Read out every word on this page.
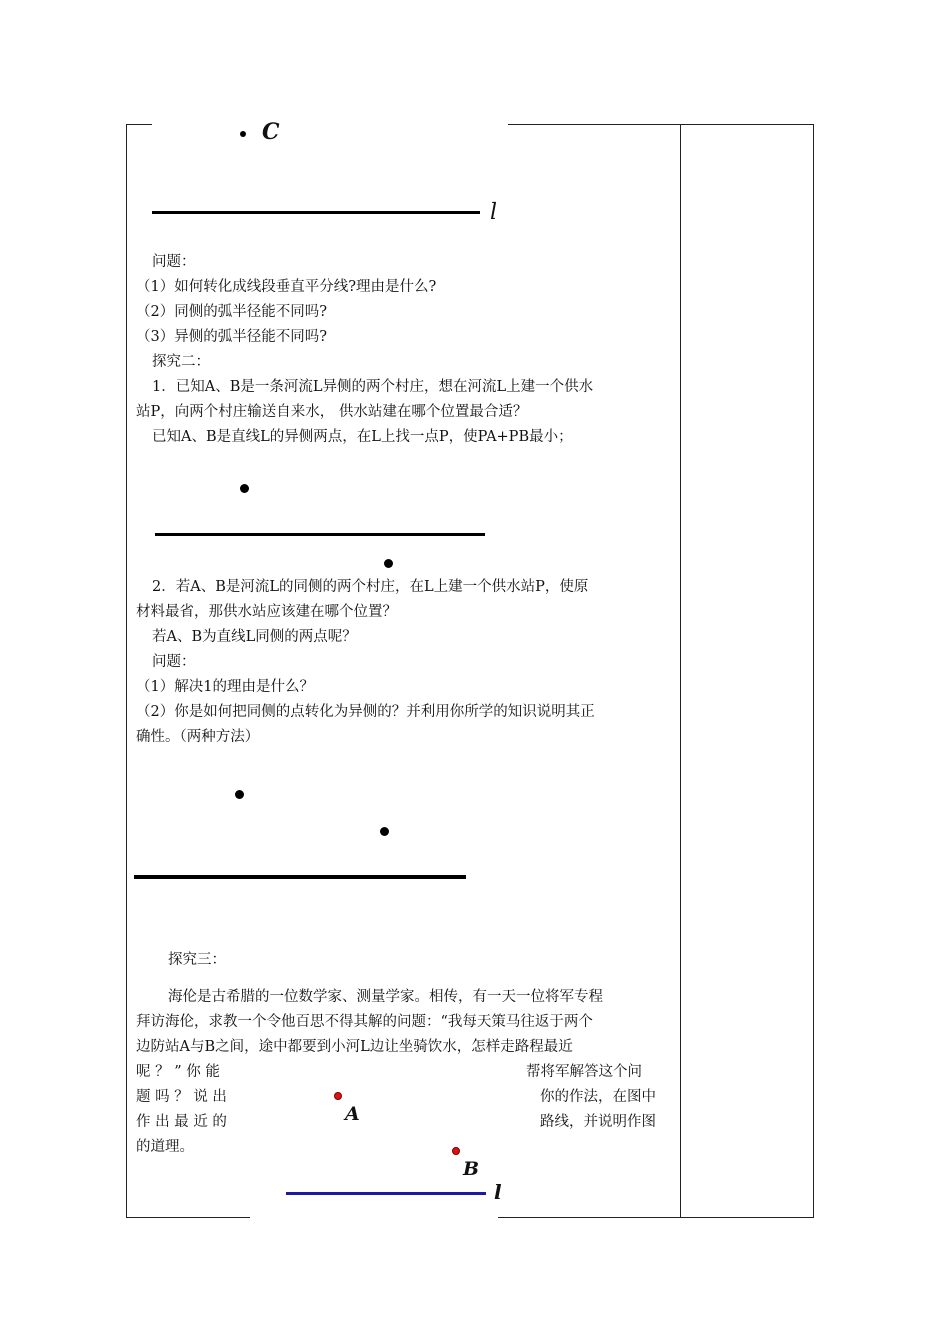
C
l
问题：
（1）如何转化成线段垂直平分线?理由是什么?
（2）同侧的弧半径能不同吗?
（3）异侧的弧半径能不同吗?
探究二：
1．已知A、B是一条河流L异侧的两个村庄，想在河流L上建一个供水
站P，向两个村庄输送自来水， 供水站建在哪个位置最合适？
已知A、B是直线L的异侧两点，在L上找一点P，使PA+PB最小；
2．若A、B是河流L的同侧的两个村庄，在L上建一个供水站P，使原
材料最省，那供水站应该建在哪个位置？
若A、B为直线L同侧的两点呢？
问题：
（1）解决1的理由是什么？
（2）你是如何把同侧的点转化为异侧的？并利用你所学的知识说明其正
确性。（两种方法）
探究三：
海伦是古希腊的一位数学家、测量学家。相传，有一天一位将军专程
拜访海伦，求教一个令他百思不得其解的问题：“我每天策马往返于两个
边防站A与B之间，途中都要到小河L边让坐骑饮水，怎样走路程最近
呢 ？ ” 你 能
题 吗 ？ 说 出
作 出 最 近 的
的道理。
帮将军解答这个问
你的作法，在图中
路线，并说明作图
A
B
l
